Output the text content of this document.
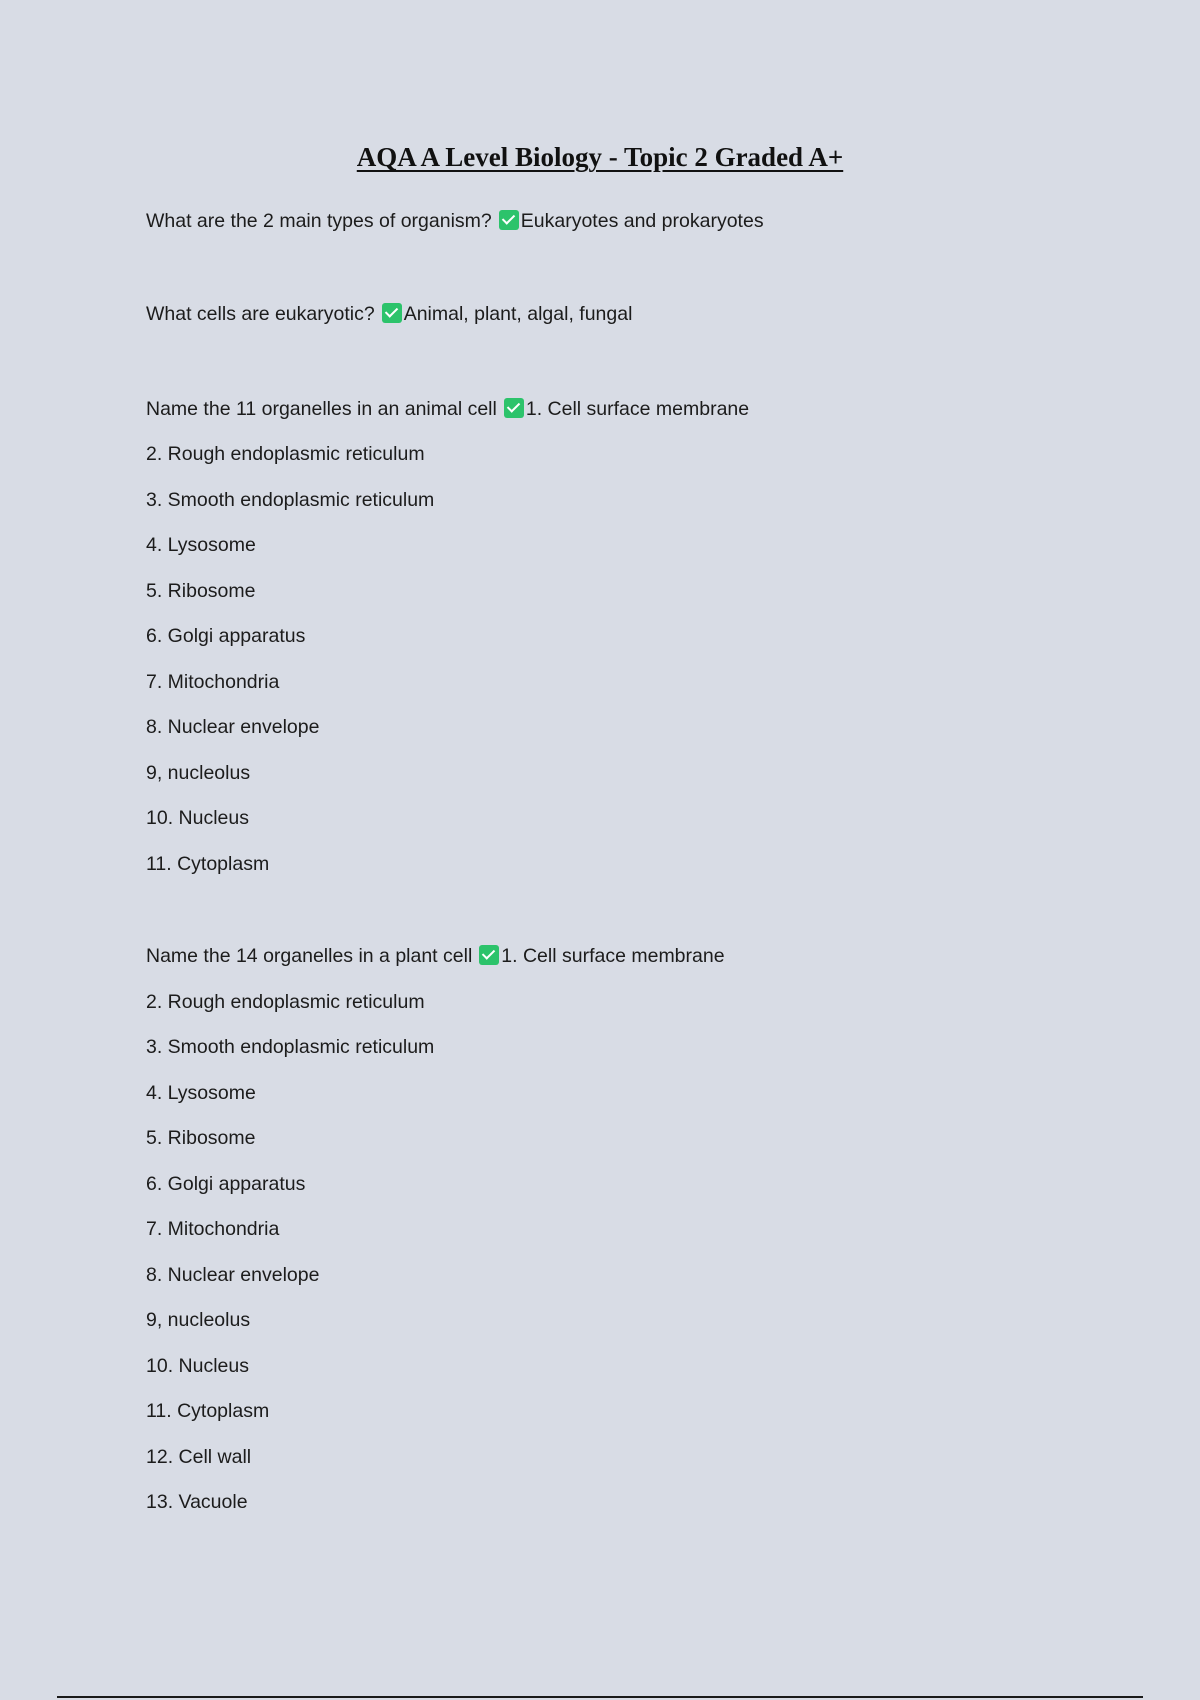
AQA A Level Biology - Topic 2 Graded A+
What are the 2 main types of organism? Eukaryotes and prokaryotes
What cells are eukaryotic? Animal, plant, algal, fungal
Name the 11 organelles in an animal cell 1. Cell surface membrane
2. Rough endoplasmic reticulum
3. Smooth endoplasmic reticulum
4. Lysosome
5. Ribosome
6. Golgi apparatus
7. Mitochondria
8. Nuclear envelope
9, nucleolus
10. Nucleus
11. Cytoplasm
Name the 14 organelles in a plant cell 1. Cell surface membrane
2. Rough endoplasmic reticulum
3. Smooth endoplasmic reticulum
4. Lysosome
5. Ribosome
6. Golgi apparatus
7. Mitochondria
8. Nuclear envelope
9, nucleolus
10. Nucleus
11. Cytoplasm
12. Cell wall
13. Vacuole
